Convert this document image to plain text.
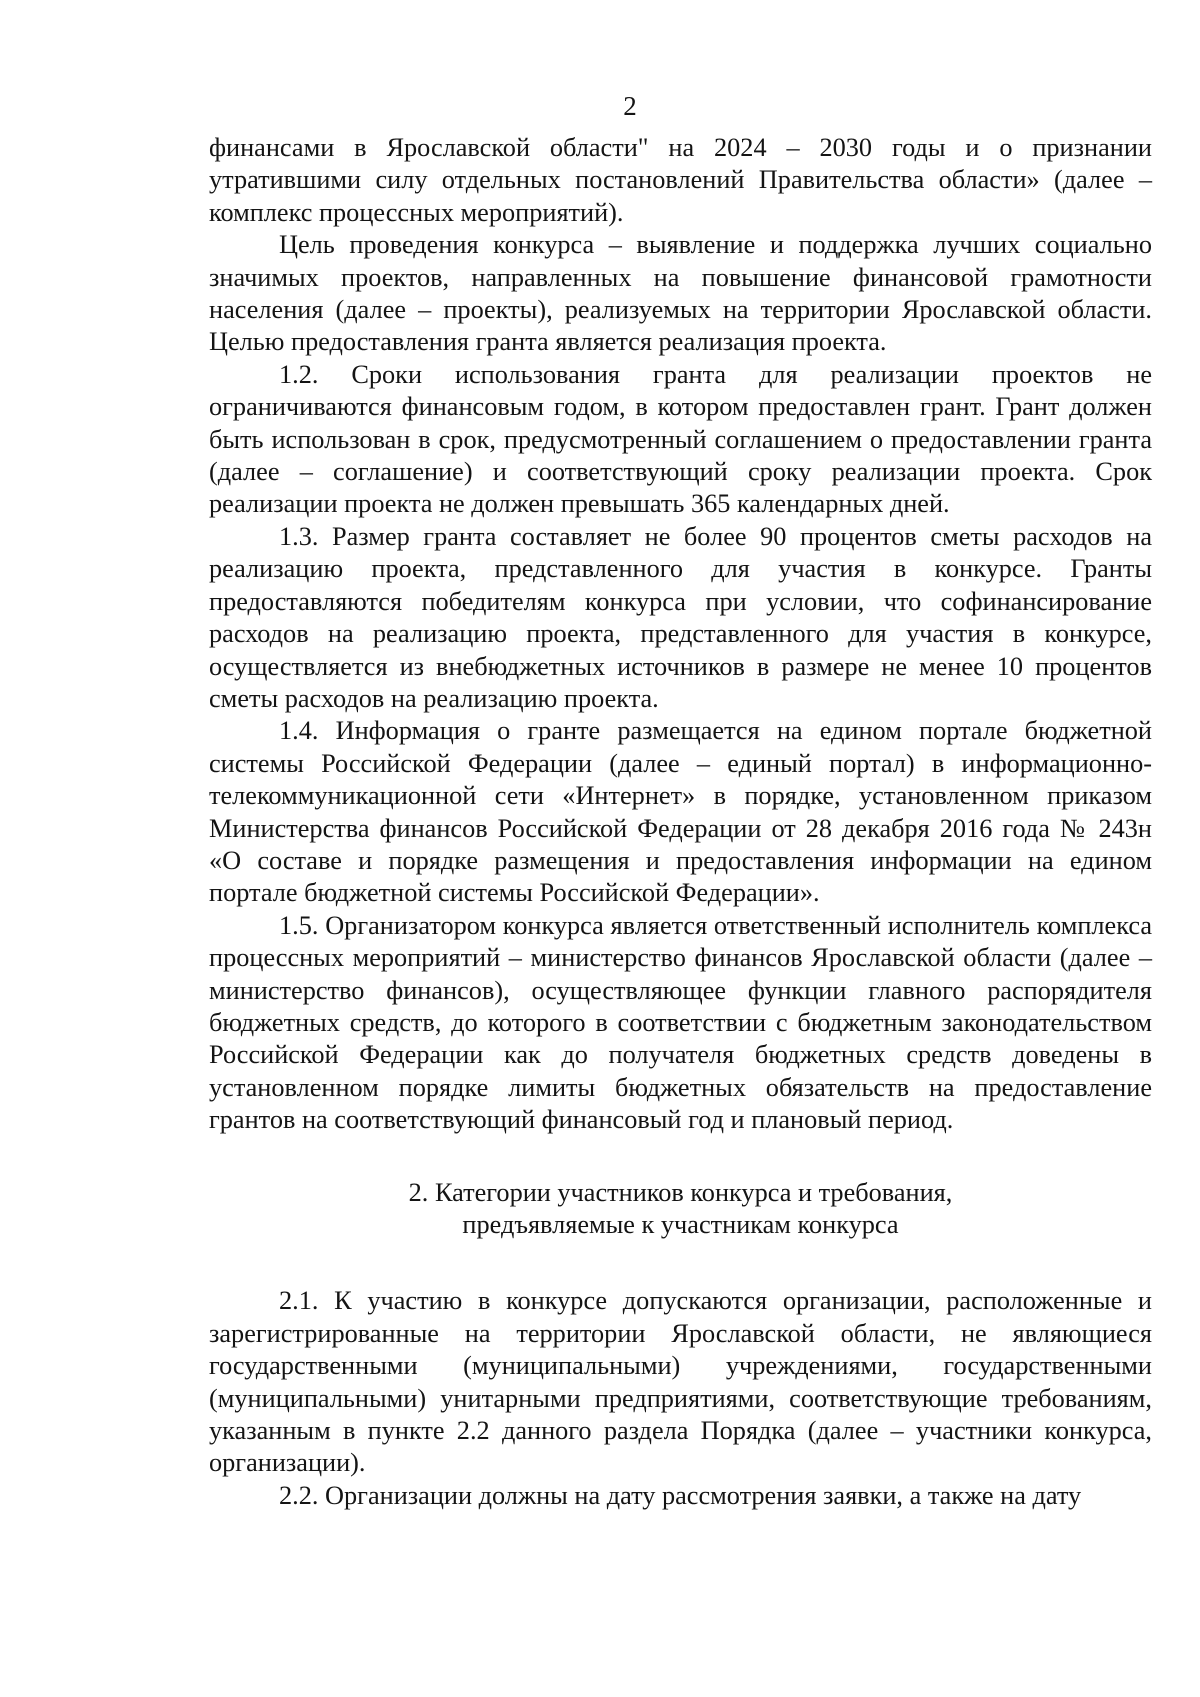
2

финансами в Ярославской области" на 2024 – 2030 годы и о признании утратившими силу отдельных постановлений Правительства области» (далее – комплекс процессных мероприятий).

Цель проведения конкурса – выявление и поддержка лучших социально значимых проектов, направленных на повышение финансовой грамотности населения (далее – проекты), реализуемых на территории Ярославской области. Целью предоставления гранта является реализация проекта.

1.2. Сроки использования гранта для реализации проектов не ограничиваются финансовым годом, в котором предоставлен грант. Грант должен быть использован в срок, предусмотренный соглашением о предоставлении гранта (далее – соглашение) и соответствующий сроку реализации проекта. Срок реализации проекта не должен превышать 365 календарных дней.

1.3. Размер гранта составляет не более 90 процентов сметы расходов на реализацию проекта, представленного для участия в конкурсе. Гранты предоставляются победителям конкурса при условии, что софинансирование расходов на реализацию проекта, представленного для участия в конкурсе, осуществляется из внебюджетных источников в размере не менее 10 процентов сметы расходов на реализацию проекта.

1.4. Информация о гранте размещается на едином портале бюджетной системы Российской Федерации (далее – единый портал) в информационно-телекоммуникационной сети «Интернет» в порядке, установленном приказом Министерства финансов Российской Федерации от 28 декабря 2016 года № 243н «О составе и порядке размещения и предоставления информации на едином портале бюджетной системы Российской Федерации».

1.5. Организатором конкурса является ответственный исполнитель комплекса процессных мероприятий – министерство финансов Ярославской области (далее – министерство финансов), осуществляющее функции главного распорядителя бюджетных средств, до которого в соответствии с бюджетным законодательством Российской Федерации как до получателя бюджетных средств доведены в установленном порядке лимиты бюджетных обязательств на предоставление грантов на соответствующий финансовый год и плановый период.

2. Категории участников конкурса и требования,
предъявляемые к участникам конкурса

2.1. К участию в конкурсе допускаются организации, расположенные и зарегистрированные на территории Ярославской области, не являющиеся государственными (муниципальными) учреждениями, государственными (муниципальными) унитарными предприятиями, соответствующие требованиям, указанным в пункте 2.2 данного раздела Порядка (далее – участники конкурса, организации).

2.2. Организации должны на дату рассмотрения заявки, а также на дату
